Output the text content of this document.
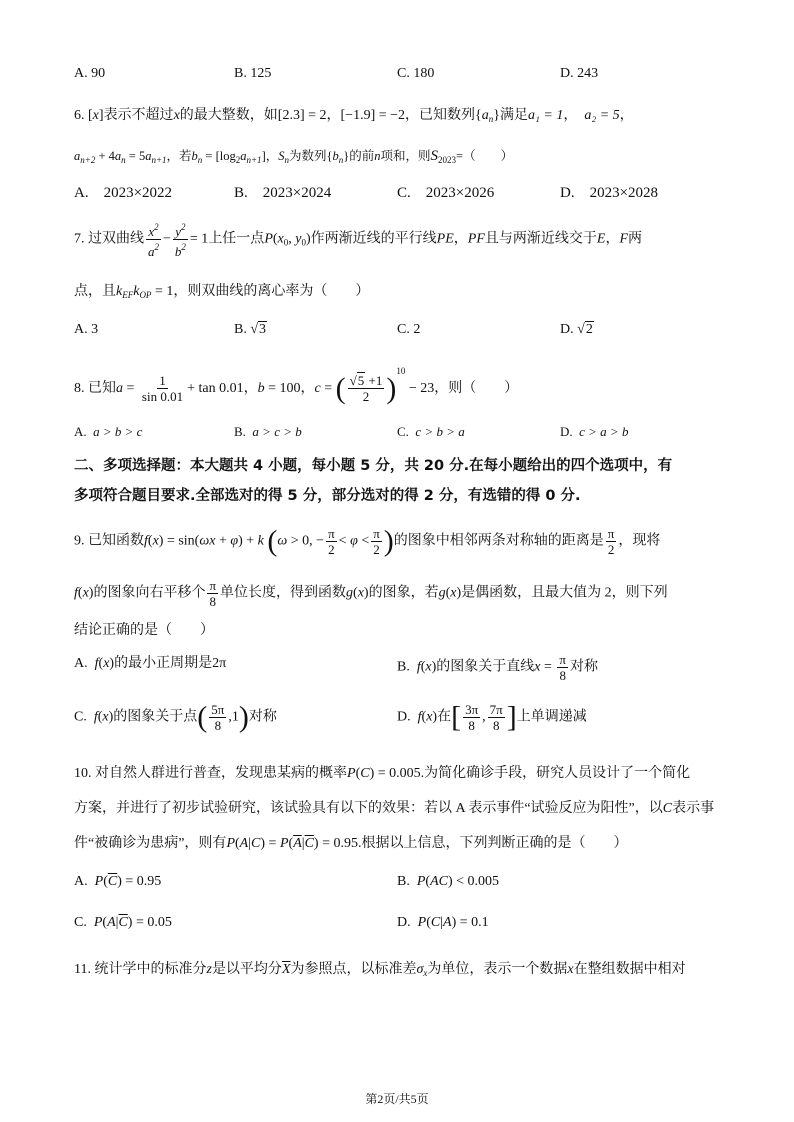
A. 90	B. 125	C. 180	D. 243
6. [x]表示不超过x的最大整数，如[2.3] = 2，[−1.9] = −2，已知数列$\{a_n\}$满足a₁ = 1，　a₂ = 5，
$a_{n+2} + 4a_n = 5a_{n+1}$，若$b_n = [\log_2a_{n+1}]$，$S_n$为数列$\{b_n\}$的前n项和，则$S_{2023}=$（　　）
A.　2023×2022	B.　2023×2024	C.　2023×2026	D.　2023×2028
7. 过双曲线 $\frac{x^2}{a^2} - \frac{y^2}{b^2} = 1$上任一点$P(x_0$, $y_0$)作两渐近线的平行线PE，PF且与两渐近线交于E，F两
点，且$k_{EF}k_{OP} = 1$，则双曲线的离心率为（　　）
A. 3	B. √3	C. 2	D. √2
8. 已知$a = \frac{1}{\sin 0.01} + \tan 0.01$，b = 100，c = ( $\frac{√5 +1}{2} )^{10} - 23$，则（　　）
A. a > b > c	B. a > c > b	C. c > b > a	D. c > a > b
二、多项选择题：本大题共 4 小题，每小题 5 分，共 20 分.在每小题给出的四个选项中，有
多项符合题目要求.全部选对的得 5 分，部分选对的得 2 分，有选错的得 0 分.
9. 已知函数f(x) = sin(ωx + φ) + k (ω > 0, − $\frac{\pi}{2} < \varphi < \frac{\pi}{2}$ )的图象中相邻两条对称轴的距离是 $\frac{\pi}{2}$ ，现将
f(x)的图象向右平移个 $\frac{\pi}{8}$ 单位长度，得到函数g(x)的图象，若g(x)是偶函数，且最大值为 2，则下列
结论正确的是（　　）
A.  f(x)的最小正周期是2π	B.  f(x)的图象关于直线$x = \frac{\pi}{8}$ 对称
C.  f(x)的图象关于点( $\frac{5\pi}{8} ,1$)对称	D.  f(x)在[ $\frac{3\pi}{8}$ , $\frac{7\pi}{8}$ ]上单调递减
10. 对自然人群进行普查，发现患某病的概率P(C) = 0.005.为简化确诊手段，研究人员设计了一个简化
方案，并进行了初步试验研究，该试验具有以下的效果：若以 A 表示事件“试验反应为阳性”，以C表示事
件“被确诊为患病”，则有$P(A|C) = P(\overline{A}|\overline{C}) = 0.95$.根据以上信息，下列判断正确的是（　　）
A.  $P(\overline{C}) = 0.95$	B.  P(AC) < 0.005
C.  $P(A|\overline{C}) = 0.05$	D.  P(C|A) = 0.1
11. 统计学中的标准分z是以平均分$\overline{X}$为参照点，以标准差$\sigma_x$为单位，表示一个数据x在整组数据中相对
第2页/共5页
